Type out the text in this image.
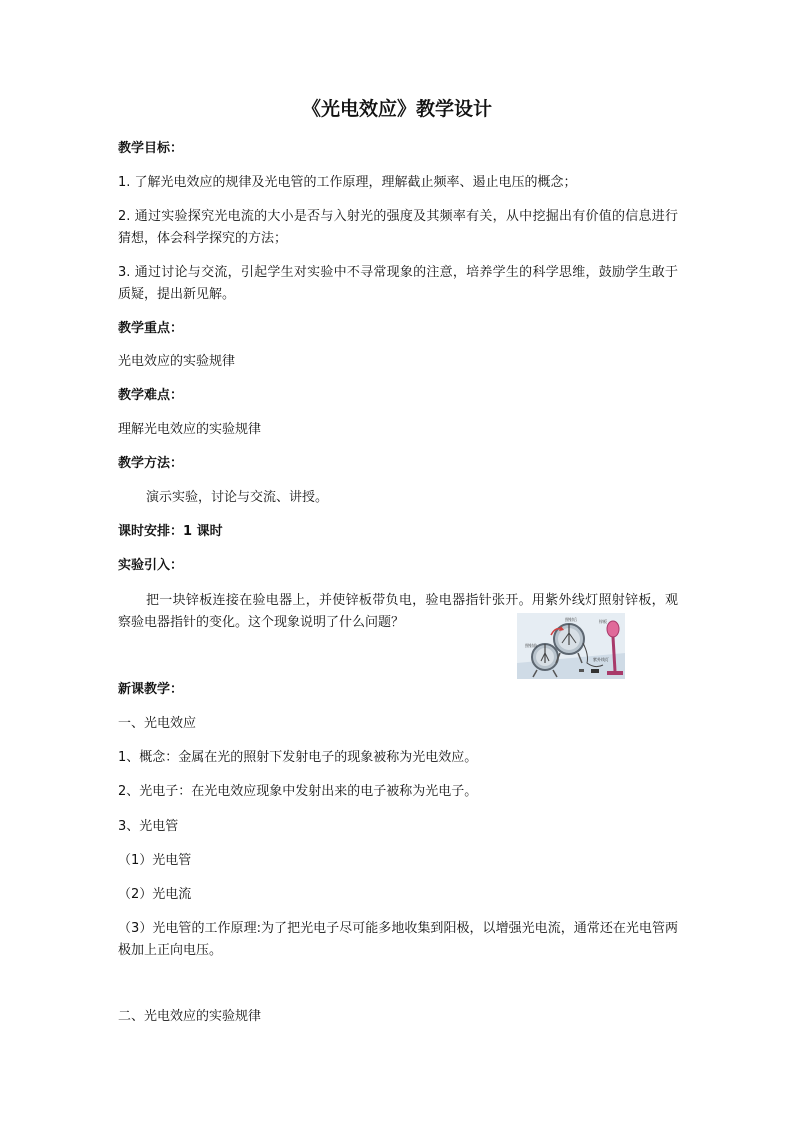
《光电效应》教学设计
教学目标：
1. 了解光电效应的规律及光电管的工作原理，理解截止频率、遏止电压的概念；
2. 通过实验探究光电流的大小是否与入射光的强度及其频率有关，从中挖掘出有价值的信息进行猜想，体会科学探究的方法；
3. 通过讨论与交流，引起学生对实验中不寻常现象的注意，培养学生的科学思维，鼓励学生敢于质疑，提出新见解。
教学重点：
光电效应的实验规律
教学难点：
理解光电效应的实验规律
教学方法：
演示实验，讨论与交流、讲授。
课时安排：1 课时
实验引入：
把一块锌板连接在验电器上，并使锌板带负电，验电器指针张开。用紫外线灯照射锌板，观察验电器指针的变化。这个现象说明了什么问题？	照射后
照射前
锌板
紫外线灯
新课教学：
一、光电效应
1、概念：金属在光的照射下发射电子的现象被称为光电效应。
2、光电子：在光电效应现象中发射出来的电子被称为光电子。
3、光电管
（1）光电管
（2）光电流
（3）光电管的工作原理:为了把光电子尽可能多地收集到阳极，以增强光电流，通常还在光电管两极加上正向电压。
二、光电效应的实验规律
